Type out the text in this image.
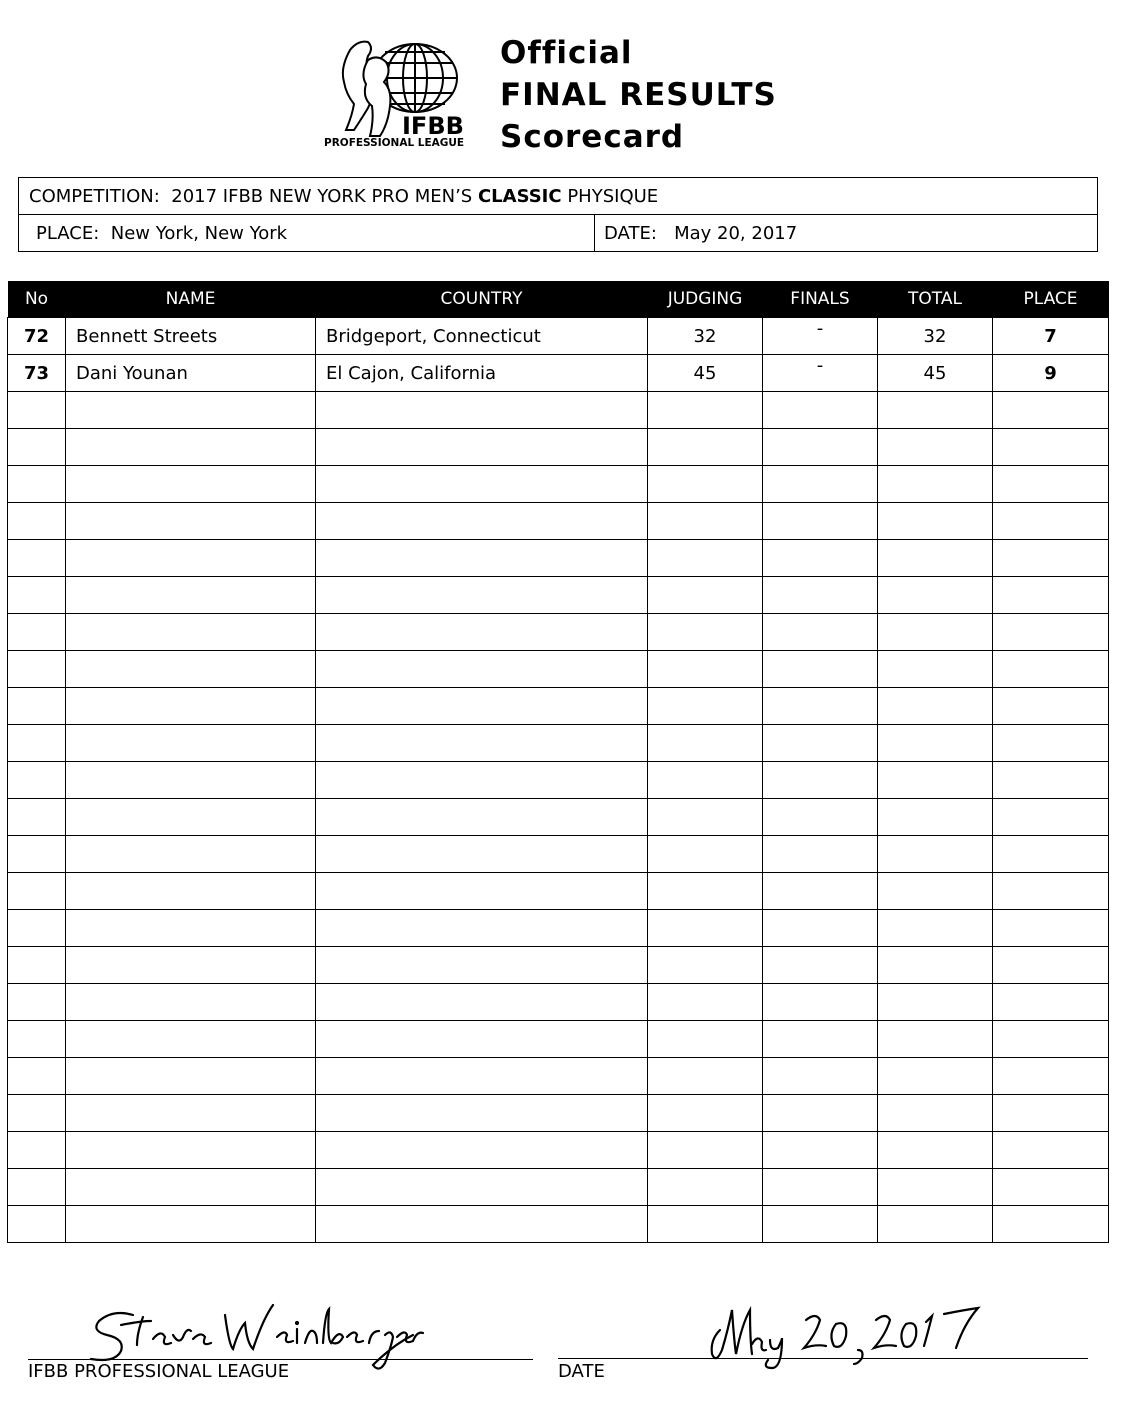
IFBB
PROFESSIONAL LEAGUE
Official
FINAL RESULTS
Scorecard
COMPETITION: 2017 IFBB NEW YORK PRO MEN’S CLASSIC PHYSIQUE
PLACE: New York, New York	DATE: May 20, 2017
No	NAME	COUNTRY	JUDGING	FINALS	TOTAL	PLACE
72	Bennett Streets	Bridgeport, Connecticut	32	-	32	7
73	Dani Younan	El Cajon, California	45	-	45	9

IFBB PROFESSIONAL LEAGUE	DATE
